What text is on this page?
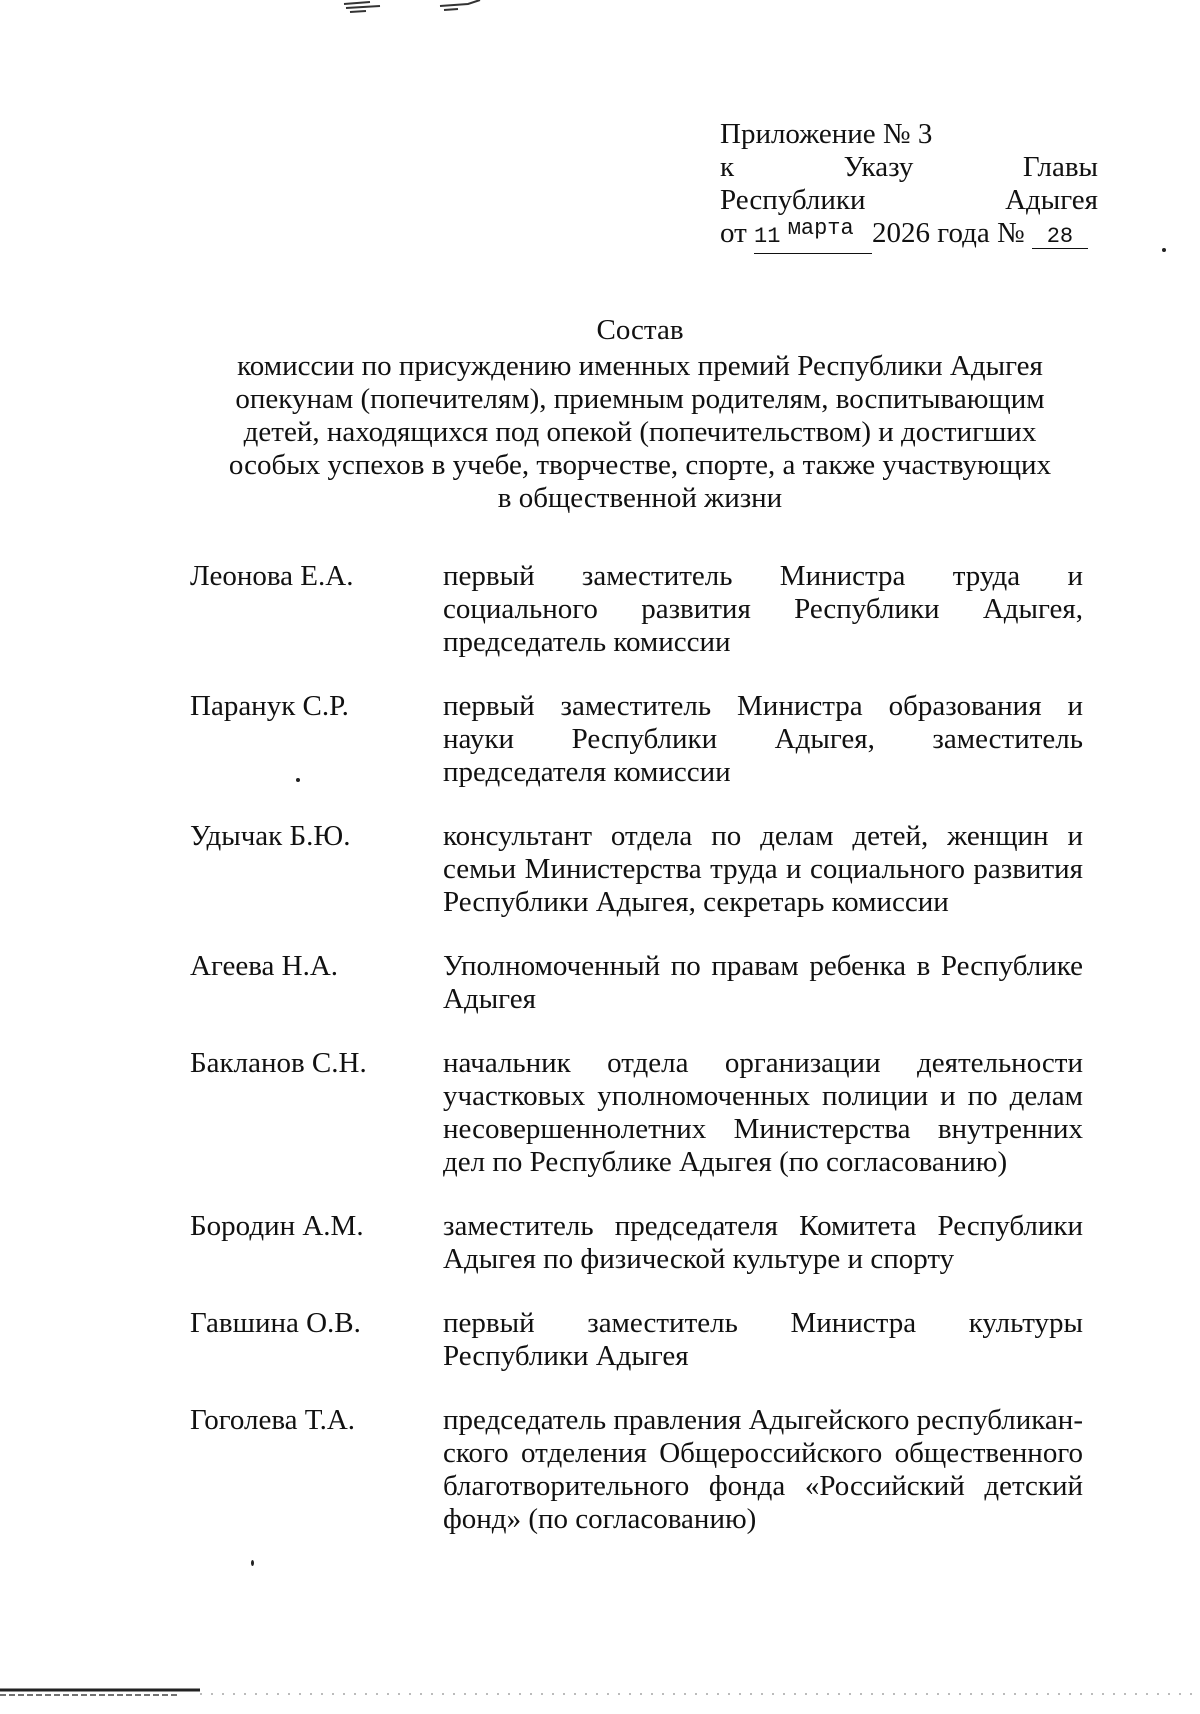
Приложение № 3
к	Указу	Главы
Республики	Адыгея
от 11 $^{марта}$ 2026 года № 28
Состав
комиссии по присуждению именных премий Республики Адыгея
опекунам (попечителям), приемным родителям, воспитывающим
детей, находящихся под опекой (попечительством) и достигших
особых успехов в учебе, творчестве, спорте, а также участвующих
в общественной жизни
Леонова Е.А.	первый заместитель Министра труда и социального развития Республики Адыгея, председатель комиссии
Паранук С.Р.	первый заместитель Министра образования и науки Республики Адыгея, заместитель председателя комиссии
Удычак Б.Ю.	консультант отдела по делам детей, женщин и семьи Министерства труда и социального развития Республики Адыгея, секретарь комиссии
Агеева Н.А.	Уполномоченный по правам ребенка в Республике Адыгея
Бакланов С.Н.	начальник отдела организации деятельности участковых уполномоченных полиции и по делам несовершеннолетних Министерства внутренних дел по Республике Адыгея (по согласованию)
Бородин А.М.	заместитель председателя Комитета Республики Адыгея по физической культуре и спорту
Гавшина О.В.	первый заместитель Министра культуры Республики Адыгея
Гоголева Т.А.	председатель правления Адыгейского республиканского отделения Общероссийского общественного благотворительного фонда «Российский детский фонд» (по согласованию)
